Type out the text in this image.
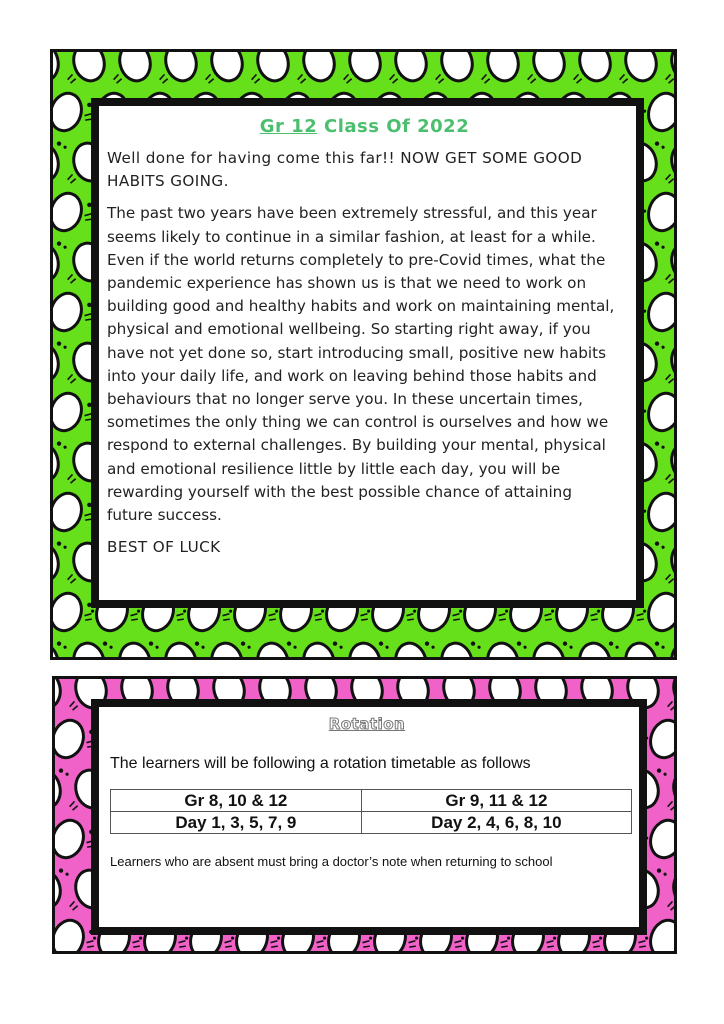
Gr 12 Class Of 2022

Well done for having come this far!! NOW GET SOME GOOD HABITS GOING.

The past two years have been extremely stressful, and this year seems likely to continue in a similar fashion, at least for a while. Even if the world returns completely to pre-Covid times, what the pandemic experience has shown us is that we need to work on building good and healthy habits and work on maintaining mental, physical and emotional wellbeing. So starting right away, if you have not yet done so, start introducing small, positive new habits into your daily life, and work on leaving behind those habits and behaviours that no longer serve you. In these uncertain times, sometimes the only thing we can control is ourselves and how we respond to external challenges. By building your mental, physical and emotional resilience little by little each day, you will be rewarding yourself with the best possible chance of attaining future success.

BEST OF LUCK

Rotation
The learners will be following a rotation timetable as follows
Gr 8, 10 & 12	Gr 9, 11 & 12
Day 1, 3, 5, 7, 9	Day 2, 4, 6, 8, 10
Learners who are absent must bring a doctor’s note when returning to school
